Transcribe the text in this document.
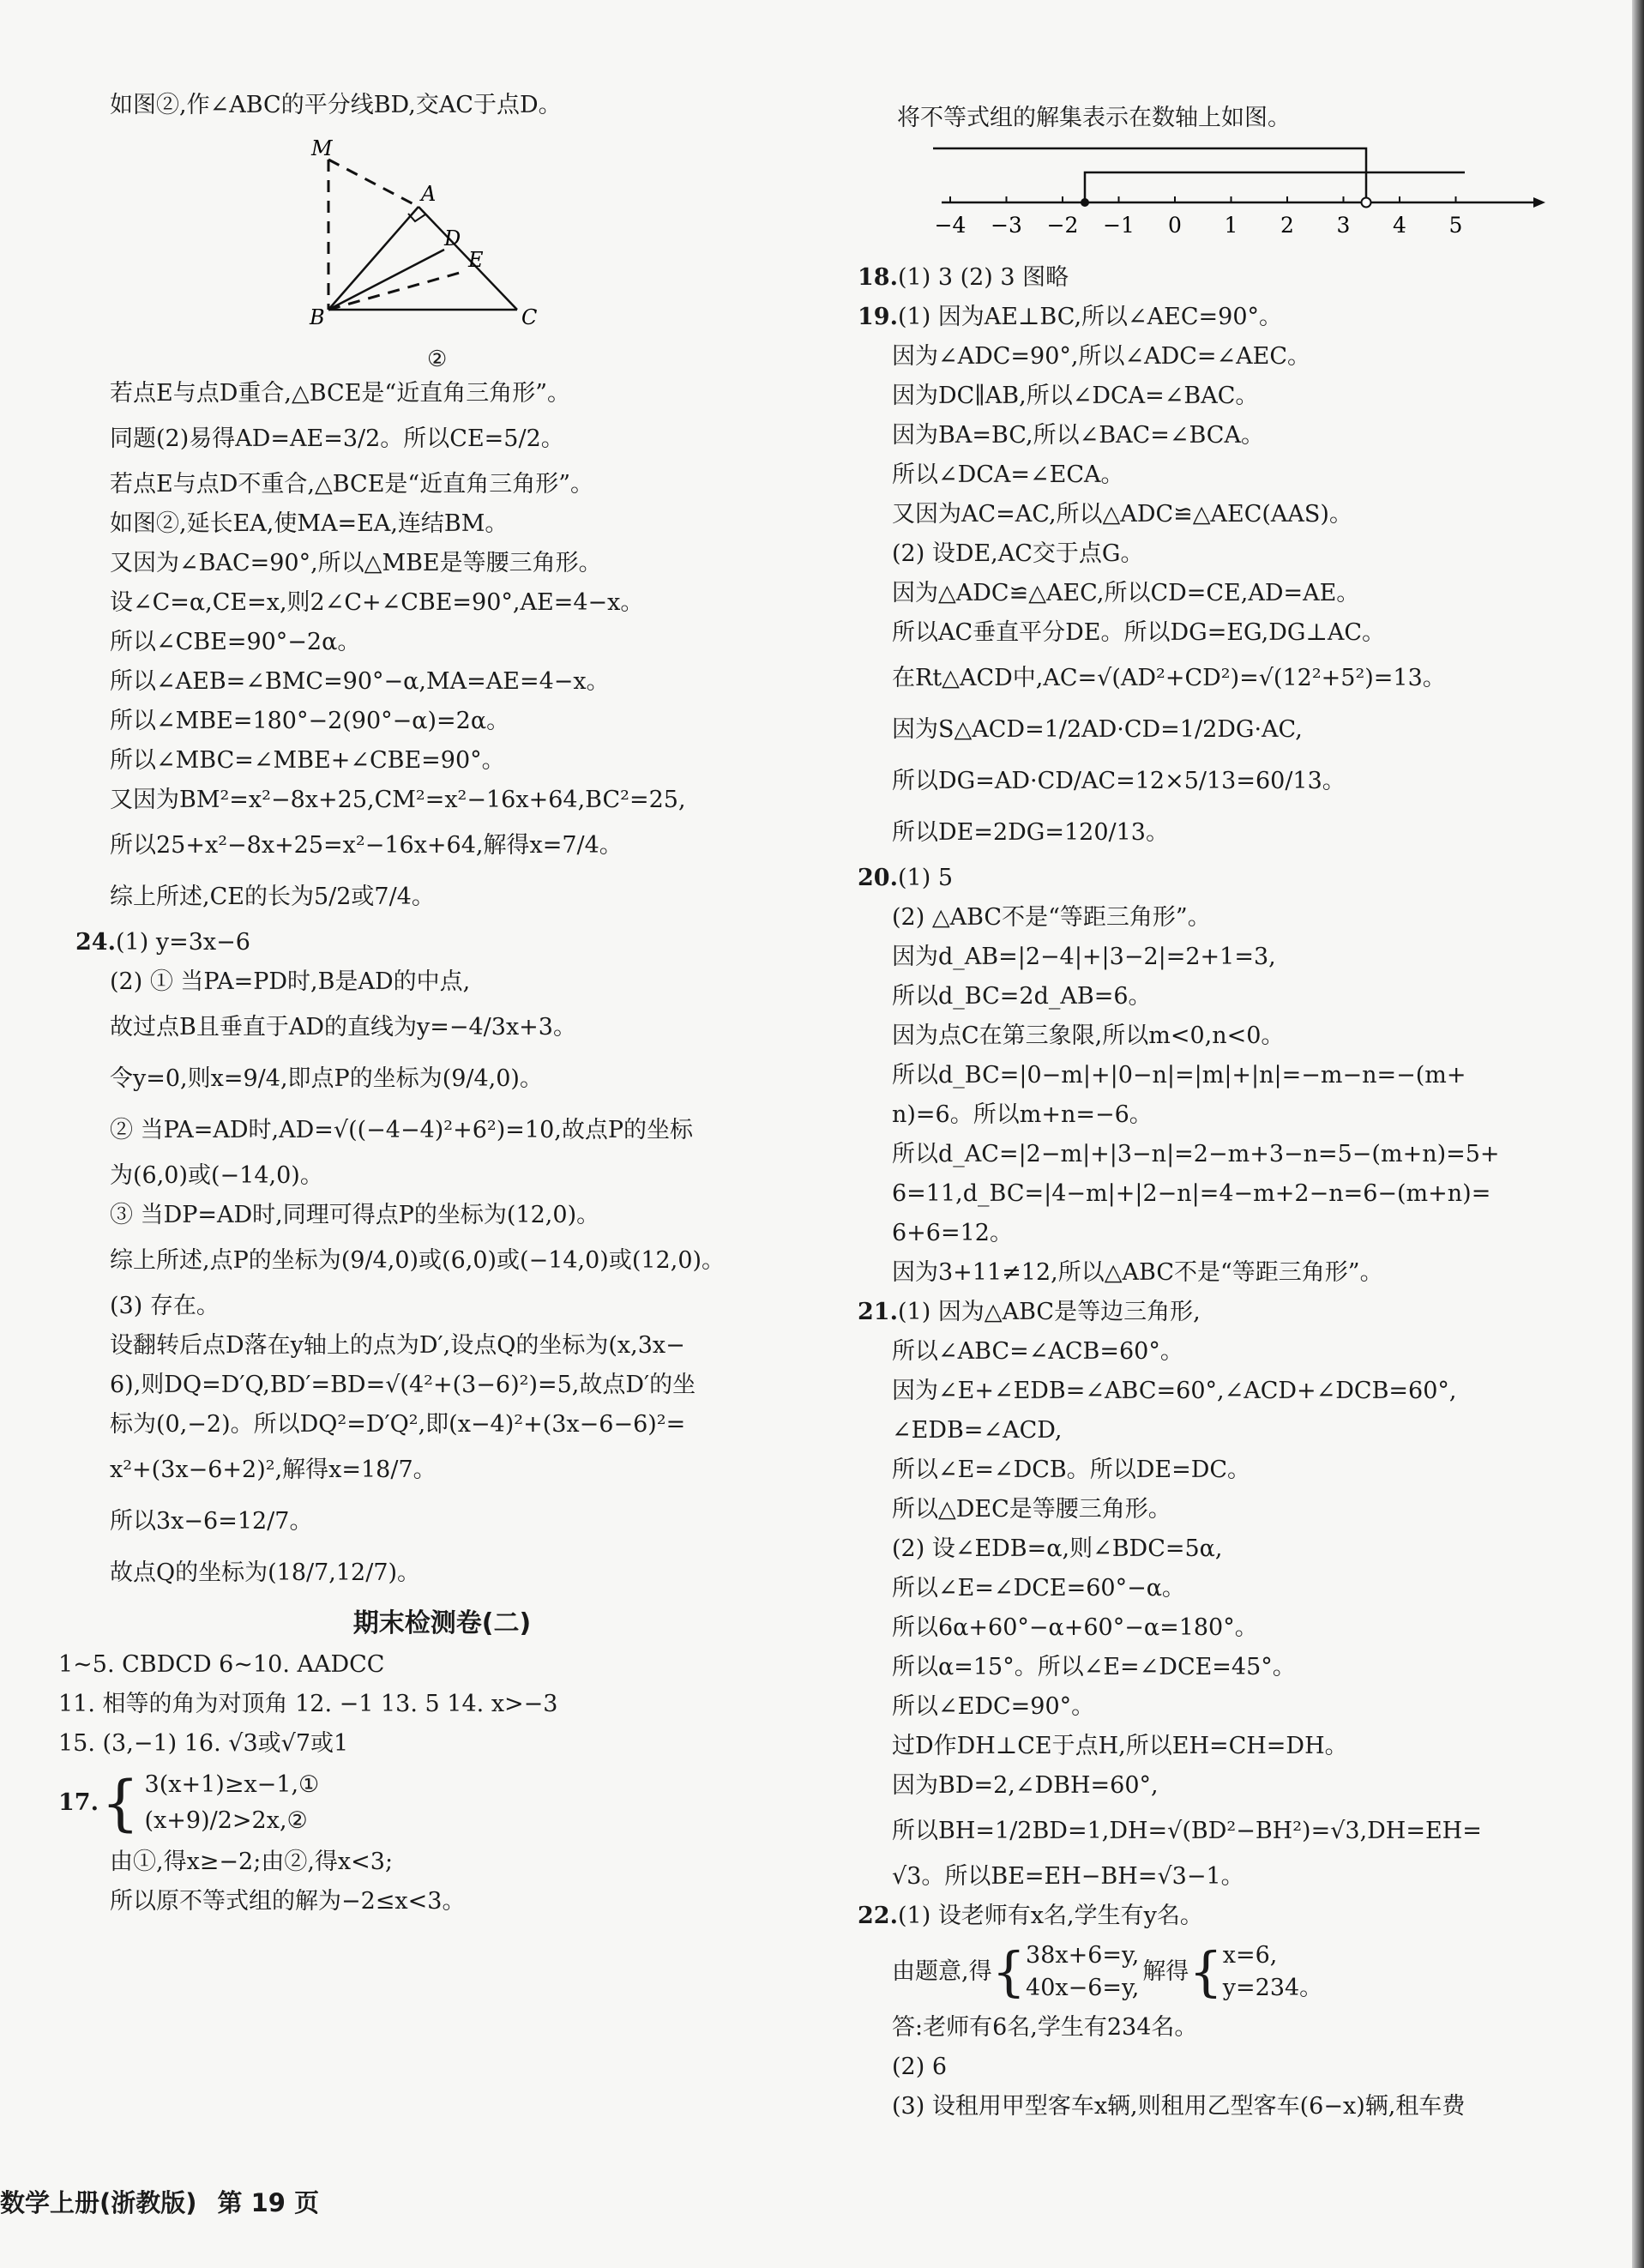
如图②,作∠ABC的平分线BD,交AC于点D。
M
A
D
E
B	C
②
若点E与点D重合,△BCE是“近直角三角形”。
同题(2)易得AD=AE=3/2。所以CE=5/2。
若点E与点D不重合,△BCE是“近直角三角形”。
如图②,延长EA,使MA=EA,连结BM。
又因为∠BAC=90°,所以△MBE是等腰三角形。
设∠C=α,CE=x,则2∠C+∠CBE=90°,AE=4−x。
所以∠CBE=90°−2α。
所以∠AEB=∠BMC=90°−α,MA=AE=4−x。
所以∠MBE=180°−2(90°−α)=2α。
所以∠MBC=∠MBE+∠CBE=90°。
又因为BM²=x²−8x+25,CM²=x²−16x+64,BC²=25,
所以25+x²−8x+25=x²−16x+64,解得x=7/4。
综上所述,CE的长为5/2或7/4。
24.(1) y=3x−6
(2) ① 当PA=PD时,B是AD的中点,
故过点B且垂直于AD的直线为y=−4/3x+3。
令y=0,则x=9/4,即点P的坐标为(9/4,0)。
② 当PA=AD时,AD=√((−4−4)²+6²)=10,故点P的坐标
为(6,0)或(−14,0)。
③ 当DP=AD时,同理可得点P的坐标为(12,0)。
综上所述,点P的坐标为(9/4,0)或(6,0)或(−14,0)或(12,0)。
(3) 存在。
设翻转后点D落在y轴上的点为D′,设点Q的坐标为(x,3x−
6),则DQ=D′Q,BD′=BD=√(4²+(3−6)²)=5,故点D′的坐
标为(0,−2)。所以DQ²=D′Q²,即(x−4)²+(3x−6−6)²=
x²+(3x−6+2)²,解得x=18/7。
所以3x−6=12/7。
故点Q的坐标为(18/7,12/7)。
期末检测卷(二)
1~5. CBDCD 6~10. AADCC
11. 相等的角为对顶角 12. −1 13. 5 14. x>−3
15. (3,−1) 16. √3或√7或1
17. { 3(x+1)≥x−1,①
(x+9)/2>2x,②
由①,得x≥−2;由②,得x<3;
所以原不等式组的解为−2≤x<3。
将不等式组的解集表示在数轴上如图。
−4 −3 −2 −1 0 1 2 3 4 5
18.(1) 3 (2) 3 图略
19.(1) 因为AE⊥BC,所以∠AEC=90°。
因为∠ADC=90°,所以∠ADC=∠AEC。
因为DC∥AB,所以∠DCA=∠BAC。
因为BA=BC,所以∠BAC=∠BCA。
所以∠DCA=∠ECA。
又因为AC=AC,所以△ADC≌△AEC(AAS)。
(2) 设DE,AC交于点G。
因为△ADC≌△AEC,所以CD=CE,AD=AE。
所以AC垂直平分DE。所以DG=EG,DG⊥AC。
在Rt△ACD中,AC=√(AD²+CD²)=√(12²+5²)=13。
因为S△ACD=1/2AD·CD=1/2DG·AC,
所以DG=AD·CD/AC=12×5/13=60/13。
所以DE=2DG=120/13。
20.(1) 5
(2) △ABC不是“等距三角形”。
因为d_AB=|2−4|+|3−2|=2+1=3,
所以d_BC=2d_AB=6。
因为点C在第三象限,所以m<0,n<0。
所以d_BC=|0−m|+|0−n|=|m|+|n|=−m−n=−(m+
n)=6。所以m+n=−6。
所以d_AC=|2−m|+|3−n|=2−m+3−n=5−(m+n)=5+
6=11,d_BC=|4−m|+|2−n|=4−m+2−n=6−(m+n)=
6+6=12。
因为3+11≠12,所以△ABC不是“等距三角形”。
21.(1) 因为△ABC是等边三角形,
所以∠ABC=∠ACB=60°。
因为∠E+∠EDB=∠ABC=60°,∠ACD+∠DCB=60°,
∠EDB=∠ACD,
所以∠E=∠DCB。所以DE=DC。
所以△DEC是等腰三角形。
(2) 设∠EDB=α,则∠BDC=5α,
所以∠E=∠DCE=60°−α。
所以6α+60°−α+60°−α=180°。
所以α=15°。所以∠E=∠DCE=45°。
所以∠EDC=90°。
过D作DH⊥CE于点H,所以EH=CH=DH。
因为BD=2,∠DBH=60°,
所以BH=1/2BD=1,DH=√(BD²−BH²)=√3,DH=EH=
√3。所以BE=EH−BH=√3−1。
22.(1) 设老师有x名,学生有y名。
由题意,得 { 38x+6=y,
40x−6=y,
解得 { x=6,
y=234。
答:老师有6名,学生有234名。
(2) 6
(3) 设租用甲型客车x辆,则租用乙型客车(6−x)辆,租车费
数学上册(浙教版) 第 19 页
